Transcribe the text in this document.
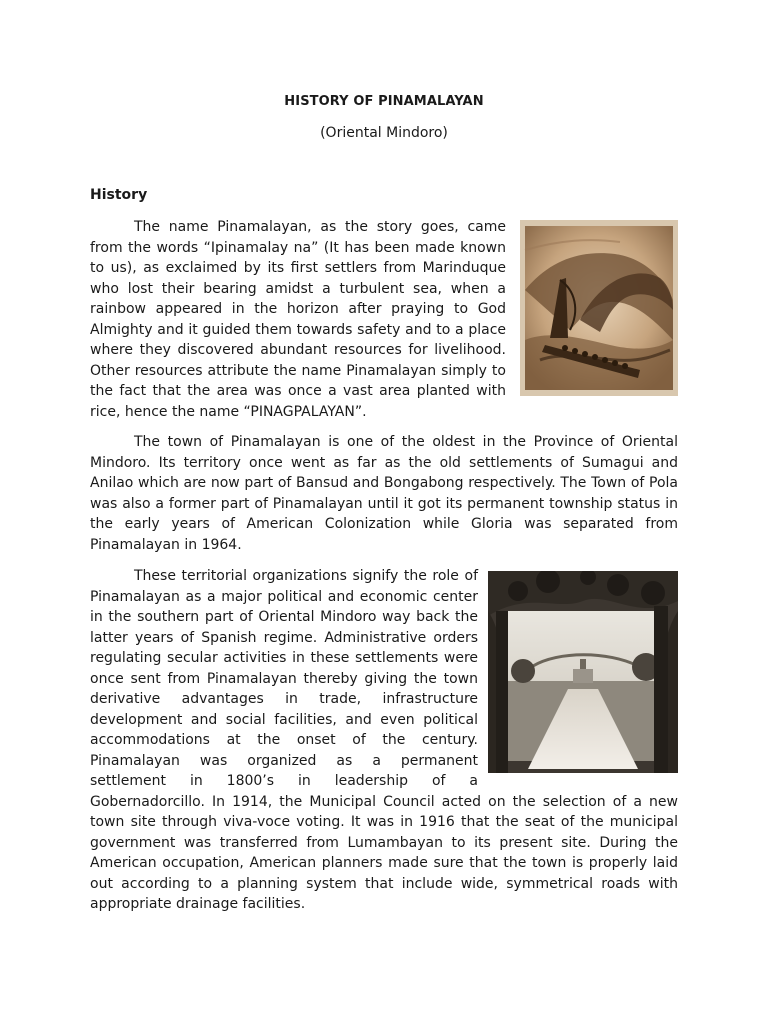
HISTORY OF PINAMALAYAN
(Oriental Mindoro)
History

The name Pinamalayan, as the story goes, came from the words “Ipinamalay na” (It has been made known to us), as exclaimed by its first settlers from Marinduque who lost their bearing amidst a turbulent sea, when a rainbow appeared in the horizon after praying to God Almighty and it guided them towards safety and to a place where they discovered abundant resources for livelihood. Other resources attribute the name Pinamalayan simply to the fact that the area was once a vast area planted with rice, hence the name “PINAGPALAYAN”.

The town of Pinamalayan is one of the oldest in the Province of Oriental Mindoro. Its territory once went as far as the old settlements of Sumagui and Anilao which are now part of Bansud and Bongabong respectively. The Town of Pola was also a former part of Pinamalayan until it got its permanent township status in the early years of American Colonization while Gloria was separated from Pinamalayan in 1964.

These territorial organizations signify the role of Pinamalayan as a major political and economic center in the southern part of Oriental Mindoro way back the latter years of Spanish regime. Administrative orders regulating secular activities in these settlements were once sent from Pinamalayan thereby giving the town derivative advantages in trade, infrastructure development and social facilities, and even political accommodations at the onset of the century. Pinamalayan was organized as a permanent settlement in 1800’s in leadership of a Gobernadorcillo. In 1914, the Municipal Council acted on the selection of a new town site through viva-voce voting. It was in 1916 that the seat of the municipal government was transferred from Lumambayan to its present site. During the American occupation, American planners made sure that the town is properly laid out according to a planning system that include wide, symmetrical roads with appropriate drainage facilities.
